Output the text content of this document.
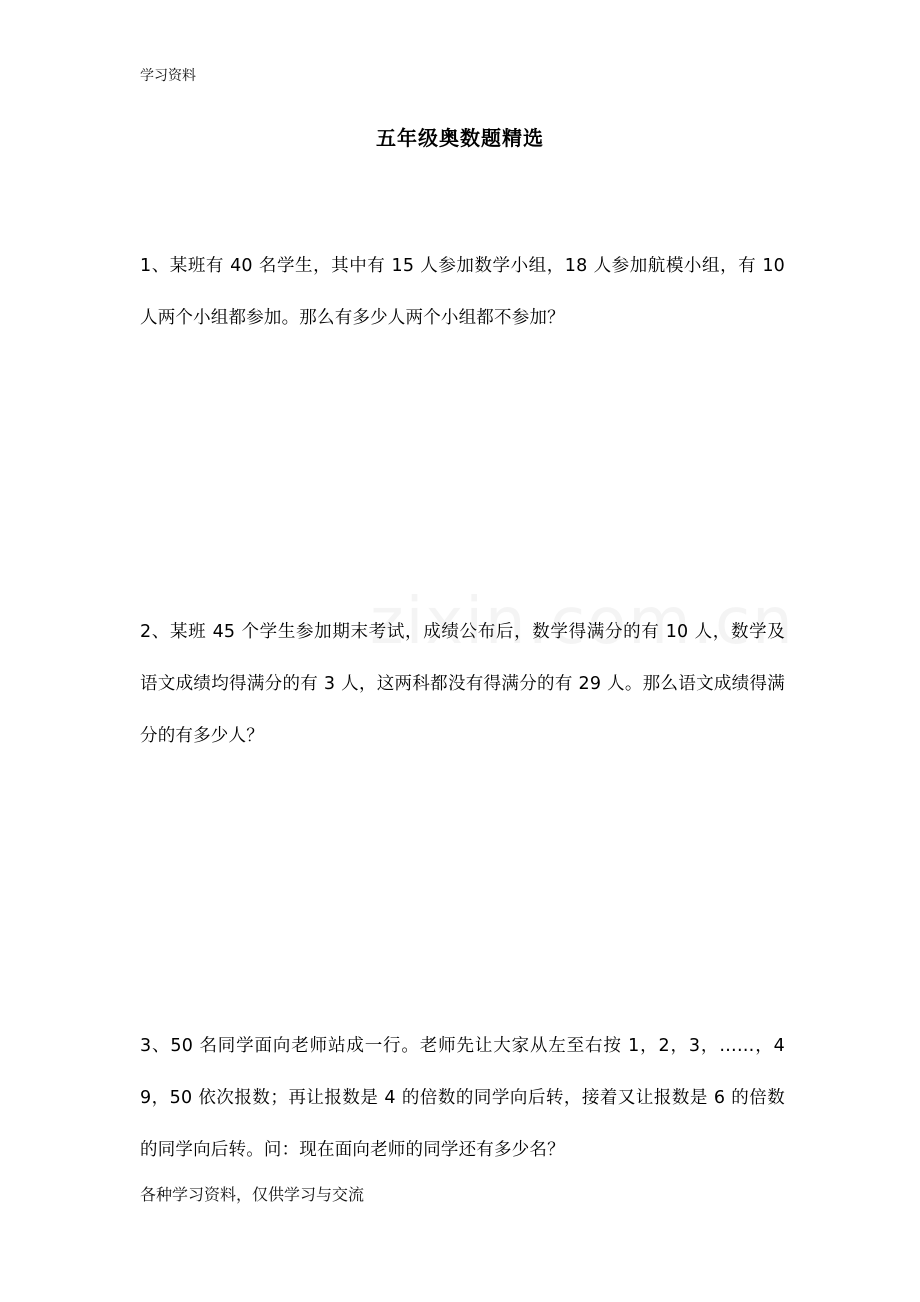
学习资料
五年级奥数题精选
1、某班有 40 名学生，其中有 15 人参加数学小组，18 人参加航模小组，有 10 人两个小组都参加。那么有多少人两个小组都不参加？
2、某班 45 个学生参加期末考试，成绩公布后，数学得满分的有 10 人，数学及语文成绩均得满分的有 3 人，这两科都没有得满分的有 29 人。那么语文成绩得满分的有多少人？
3、50 名同学面向老师站成一行。老师先让大家从左至右按 1，2，3，……，49，50 依次报数；再让报数是 4 的倍数的同学向后转，接着又让报数是 6 的倍数的同学向后转。问：现在面向老师的同学还有多少名？
各种学习资料，仅供学习与交流
